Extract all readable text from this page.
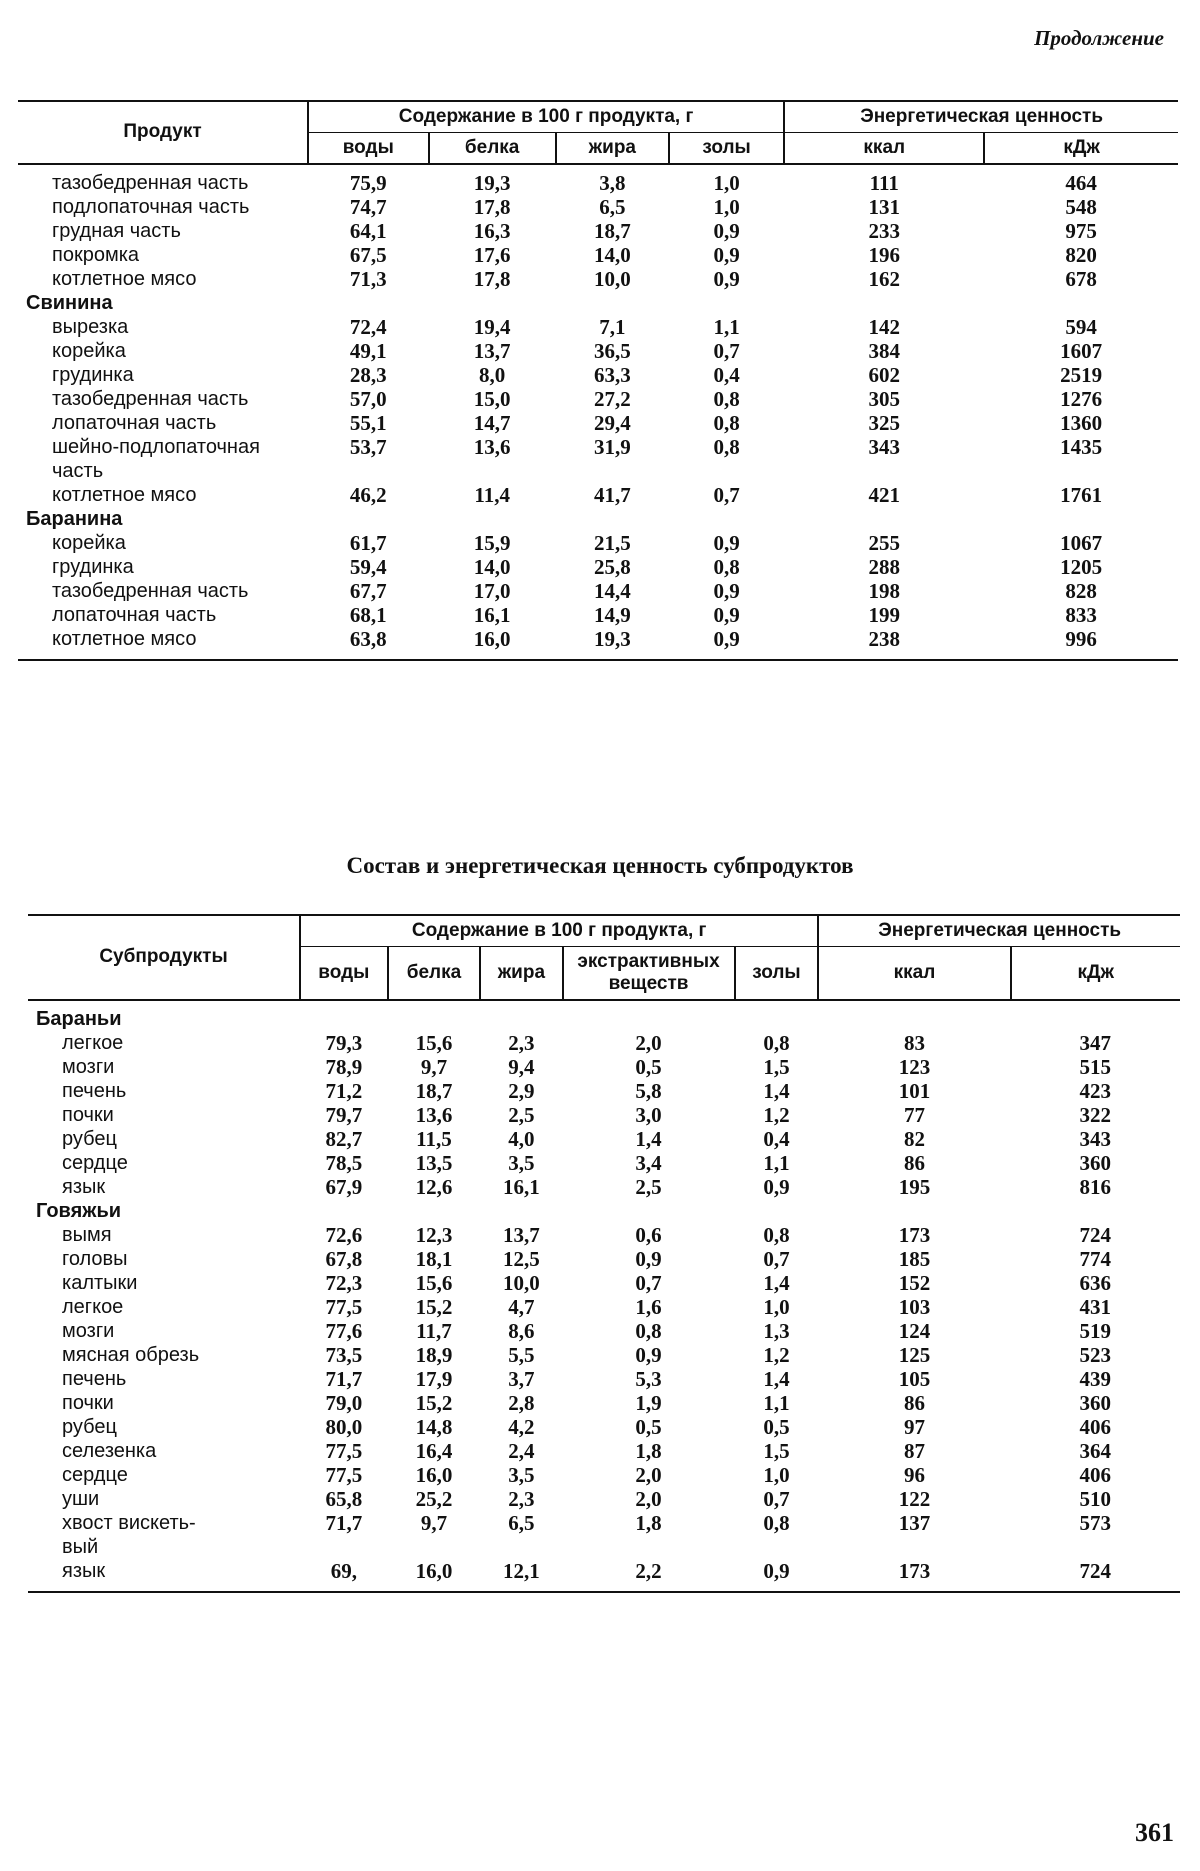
Продолжение
Продукт	Содержание в 100 г продукта, г				Энергетическая ценность	
	воды	белка	жира	золы	ккал	кДж
тазобедренная часть	75,9	19,3	3,8	1,0	111	464
подлопаточная часть	74,7	17,8	6,5	1,0	131	548
грудная часть	64,1	16,3	18,7	0,9	233	975
покромка	67,5	17,6	14,0	0,9	196	820
котлетное мясо	71,3	17,8	10,0	0,9	162	678
Свинина						
вырезка	72,4	19,4	7,1	1,1	142	594
корейка	49,1	13,7	36,5	0,7	384	1607
грудинка	28,3	8,0	63,3	0,4	602	2519
тазобедренная часть	57,0	15,0	27,2	0,8	305	1276
лопаточная часть	55,1	14,7	29,4	0,8	325	1360
шейно-подлопаточная	53,7	13,6	31,9	0,8	343	1435
часть						
котлетное мясо	46,2	11,4	41,7	0,7	421	1761
Баранина						
корейка	61,7	15,9	21,5	0,9	255	1067
грудинка	59,4	14,0	25,8	0,8	288	1205
тазобедренная часть	67,7	17,0	14,4	0,9	198	828
лопаточная часть	68,1	16,1	14,9	0,9	199	833
котлетное мясо	63,8	16,0	19,3	0,9	238	996
Состав и энергетическая ценность субпродуктов
Субпродукты	Содержание в 100 г продукта, г					Энергетическая ценность	
	воды	белка	жира	экстрактивных веществ	золы	ккал	кДж
Бараньи							
легкое	79,3	15,6	2,3	2,0	0,8	83	347
мозги	78,9	9,7	9,4	0,5	1,5	123	515
печень	71,2	18,7	2,9	5,8	1,4	101	423
почки	79,7	13,6	2,5	3,0	1,2	77	322
рубец	82,7	11,5	4,0	1,4	0,4	82	343
сердце	78,5	13,5	3,5	3,4	1,1	86	360
язык	67,9	12,6	16,1	2,5	0,9	195	816
Говяжьи							
вымя	72,6	12,3	13,7	0,6	0,8	173	724
головы	67,8	18,1	12,5	0,9	0,7	185	774
калтыки	72,3	15,6	10,0	0,7	1,4	152	636
легкое	77,5	15,2	4,7	1,6	1,0	103	431
мозги	77,6	11,7	8,6	0,8	1,3	124	519
мясная обрезь	73,5	18,9	5,5	0,9	1,2	125	523
печень	71,7	17,9	3,7	5,3	1,4	105	439
почки	79,0	15,2	2,8	1,9	1,1	86	360
рубец	80,0	14,8	4,2	0,5	0,5	97	406
селезенка	77,5	16,4	2,4	1,8	1,5	87	364
сердце	77,5	16,0	3,5	2,0	1,0	96	406
уши	65,8	25,2	2,3	2,0	0,7	122	510
хвост вискеть-	71,7	9,7	6,5	1,8	0,8	137	573
вый							
язык	69,	16,0	12,1	2,2	0,9	173	724
361
